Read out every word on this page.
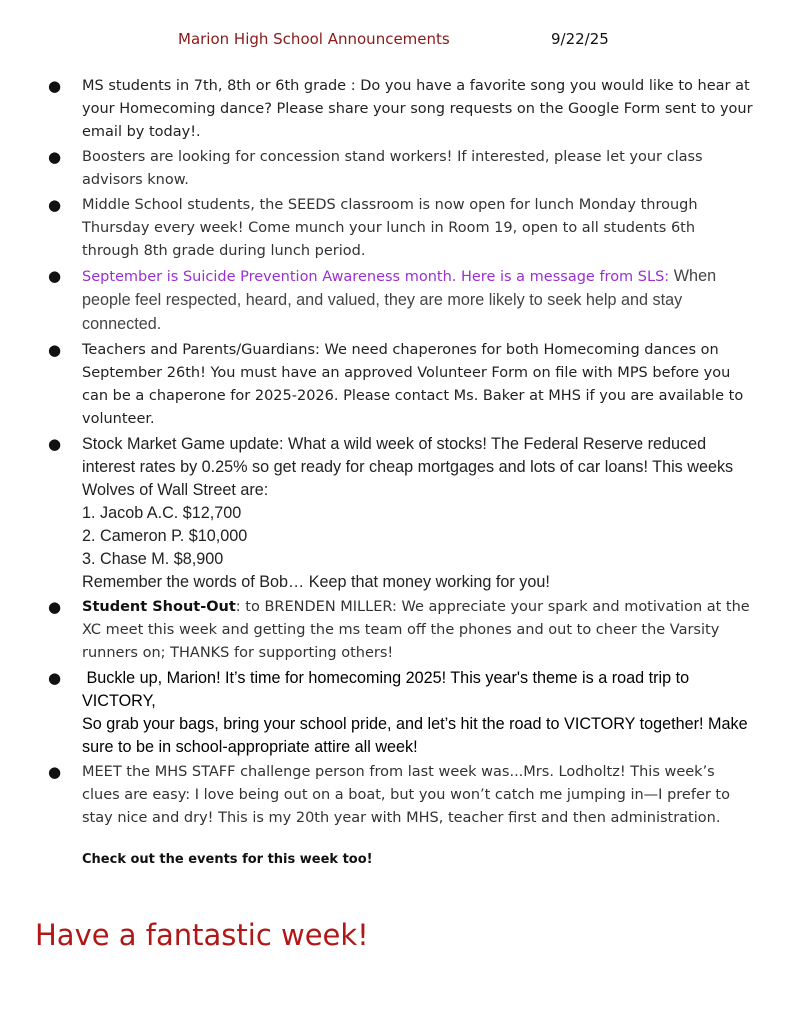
Marion High School Announcements	9/22/25
● MS students in 7th, 8th or 6th grade : Do you have a favorite song you would like to hear at your Homecoming dance? Please share your song requests on the Google Form sent to your email by today!.
● Boosters are looking for concession stand workers! If interested, please let your class advisors know.
● Middle School students, the SEEDS classroom is now open for lunch Monday through Thursday every week! Come munch your lunch in Room 19, open to all students 6th through 8th grade during lunch period.
● September is Suicide Prevention Awareness month. Here is a message from SLS: When people feel respected, heard, and valued, they are more likely to seek help and stay connected.
● Teachers and Parents/Guardians: We need chaperones for both Homecoming dances on September 26th! You must have an approved Volunteer Form on file with MPS before you can be a chaperone for 2025-2026. Please contact Ms. Baker at MHS if you are available to volunteer.
● Stock Market Game update: What a wild week of stocks! The Federal Reserve reduced interest rates by 0.25% so get ready for cheap mortgages and lots of car loans! This weeks Wolves of Wall Street are:
1. Jacob A.C. $12,700
2. Cameron P. $10,000
3. Chase M. $8,900
Remember the words of Bob… Keep that money working for you!
● Student Shout-Out: to BRENDEN MILLER: We appreciate your spark and motivation at the XC meet this week and getting the ms team off the phones and out to cheer the Varsity runners on; THANKS for supporting others!
● Buckle up, Marion! It’s time for homecoming 2025! This year's theme is a road trip to VICTORY,
So grab your bags, bring your school pride, and let’s hit the road to VICTORY together! Make sure to be in school-appropriate attire all week!
● MEET the MHS STAFF challenge person from last week was...Mrs. Lodholtz! This week’s clues are easy: I love being out on a boat, but you won’t catch me jumping in—I prefer to stay nice and dry! This is my 20th year with MHS, teacher first and then administration.
Check out the events for this week too!
Have a fantastic week!
